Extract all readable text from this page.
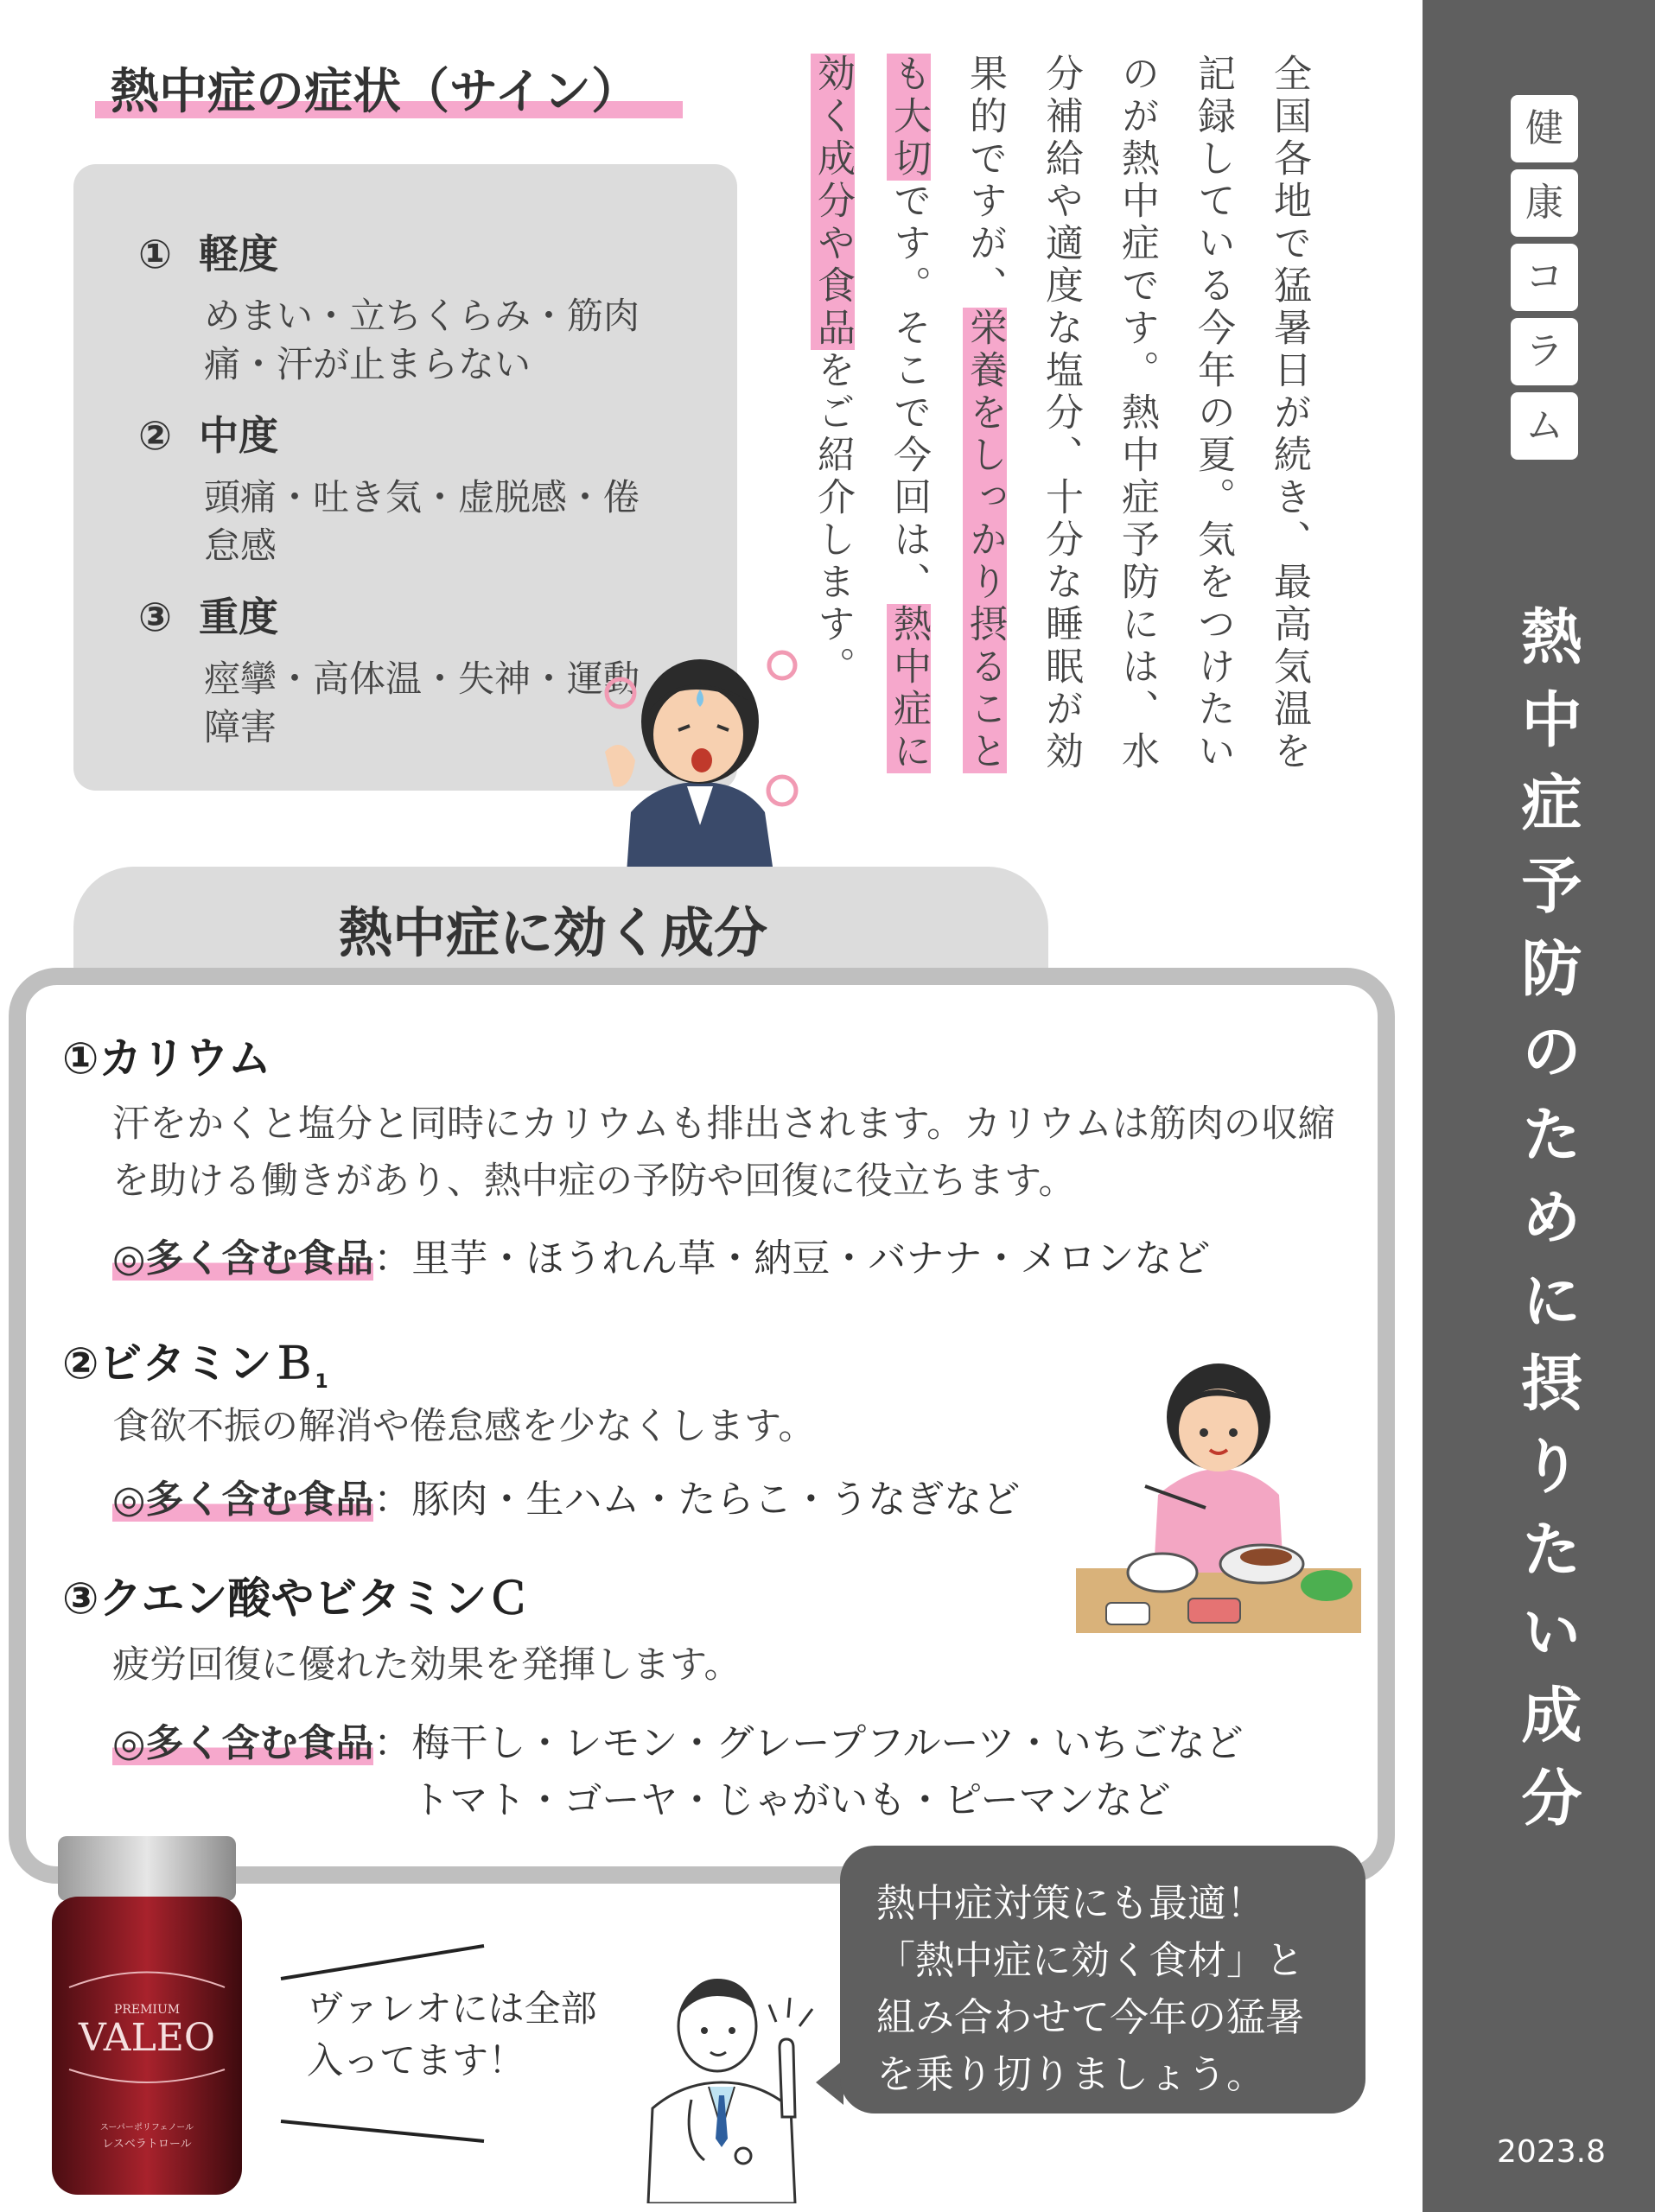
健
康
コ
ラ
ム
熱中症予防のために摂りたい成分
2023.8
熱中症の症状（サイン）
① 軽度
めまい・立ちくらみ・筋肉痛・汗が止まらない
② 中度
頭痛・吐き気・虚脱感・倦怠感
③ 重度
痙攣・高体温・失神・運動障害	全国各地で猛暑日が続き、最高気温を記録している今年の夏。気をつけたいのが熱中症です。熱中症予防には、水分補給や適度な塩分、十分な睡眠が効果的ですが、栄養をしっかり摂ることも大切です。そこで今回は、熱中症に効く成分や食品をご紹介します。
熱中症に効く成分
①カリウム
汗をかくと塩分と同時にカリウムも排出されます。カリウムは筋肉の収縮を助ける働きがあり、熱中症の予防や回復に役立ちます。
◎多く含む食品：里芋・ほうれん草・納豆・バナナ・メロンなど
②ビタミンＢ$_1$
食欲不振の解消や倦怠感を少なくします。
◎多く含む食品：豚肉・生ハム・たらこ・うなぎなど
③クエン酸やビタミンＣ
疲労回復に優れた効果を発揮します。
◎多く含む食品：梅干し・レモン・グレープフルーツ・いちごなど
トマト・ゴーヤ・じゃがいも・ピーマンなど
PREMIUM
VALEO
スーパーポリフェノール
レスベラトロール
ヴァレオには全部
入ってます！
熱中症対策にも最適！
「熱中症に効く食材」と
組み合わせて今年の猛暑
を乗り切りましょう。
